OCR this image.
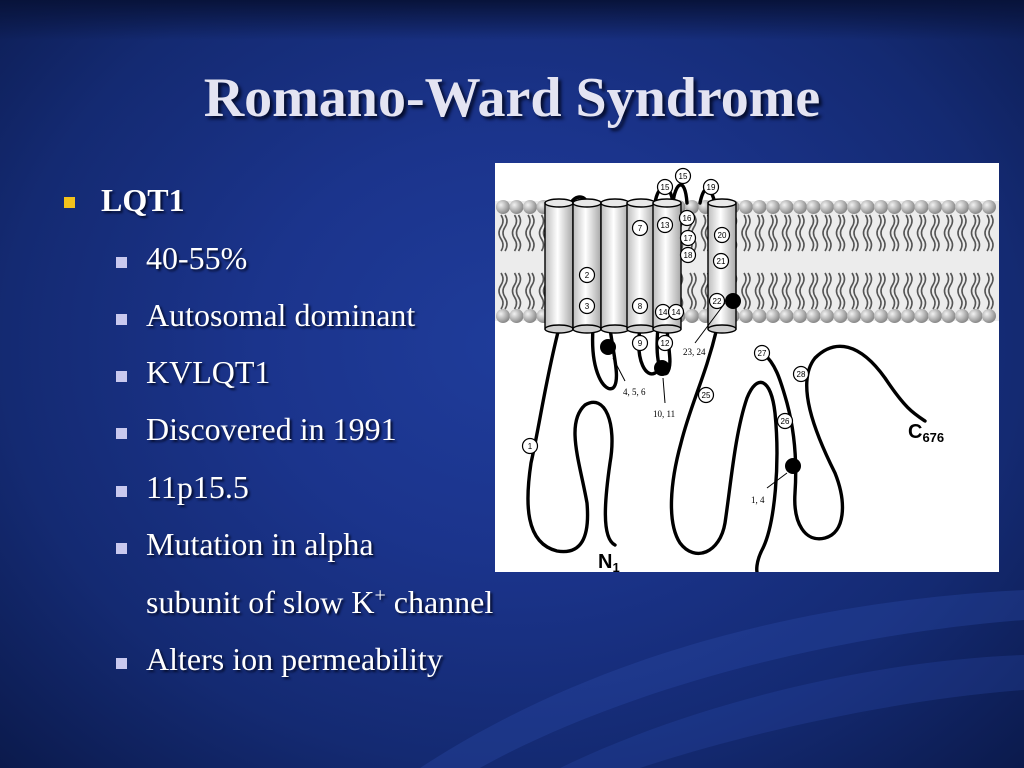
Romano-Ward Syndrome
LQT1
40-55%
Autosomal dominant
KVLQT1
Discovered in 1991
11p15.5
Mutation in alpha
subunit of slow K+ channel
Alters ion permeability
1
2
3
7
8
9 12
13
14 14
15
15
16
17
18
19
20
21
22
25
26
27
28
4, 5, 6
10, 11
23, 24
1, 4
$N_1$
$C_{676}$
